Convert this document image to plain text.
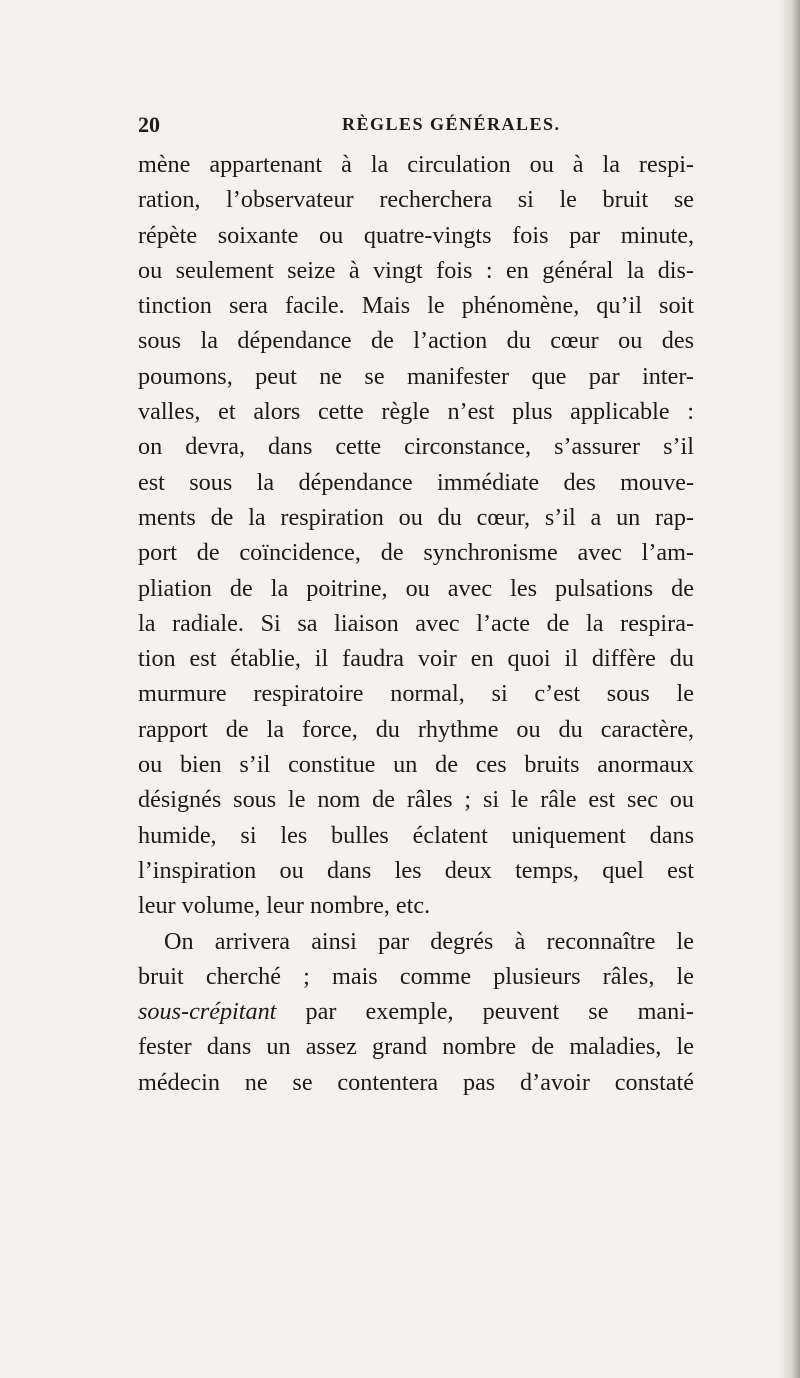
20	RÈGLES GÉNÉRALES.
mène appartenant à la circulation ou à la respi-
ration, l’observateur recherchera si le bruit se
répète soixante ou quatre-vingts fois par minute,
ou seulement seize à vingt fois : en général la dis-
tinction sera facile. Mais le phénomène, qu’il soit
sous la dépendance de l’action du cœur ou des
poumons, peut ne se manifester que par inter-
valles, et alors cette règle n’est plus applicable :
on devra, dans cette circonstance, s’assurer s’il
est sous la dépendance immédiate des mouve-
ments de la respiration ou du cœur, s’il a un rap-
port de coïncidence, de synchronisme avec l’am-
pliation de la poitrine, ou avec les pulsations de
la radiale. Si sa liaison avec l’acte de la respira-
tion est établie, il faudra voir en quoi il diffère du
murmure respiratoire normal, si c’est sous le
rapport de la force, du rhythme ou du caractère,
ou bien s’il constitue un de ces bruits anormaux
désignés sous le nom de râles ; si le râle est sec ou
humide, si les bulles éclatent uniquement dans
l’inspiration ou dans les deux temps, quel est
leur volume, leur nombre, etc.
On arrivera ainsi par degrés à reconnaître le
bruit cherché ; mais comme plusieurs râles, le
sous-crépitant par exemple, peuvent se mani-
fester dans un assez grand nombre de maladies, le
médecin ne se contentera pas d’avoir constaté
